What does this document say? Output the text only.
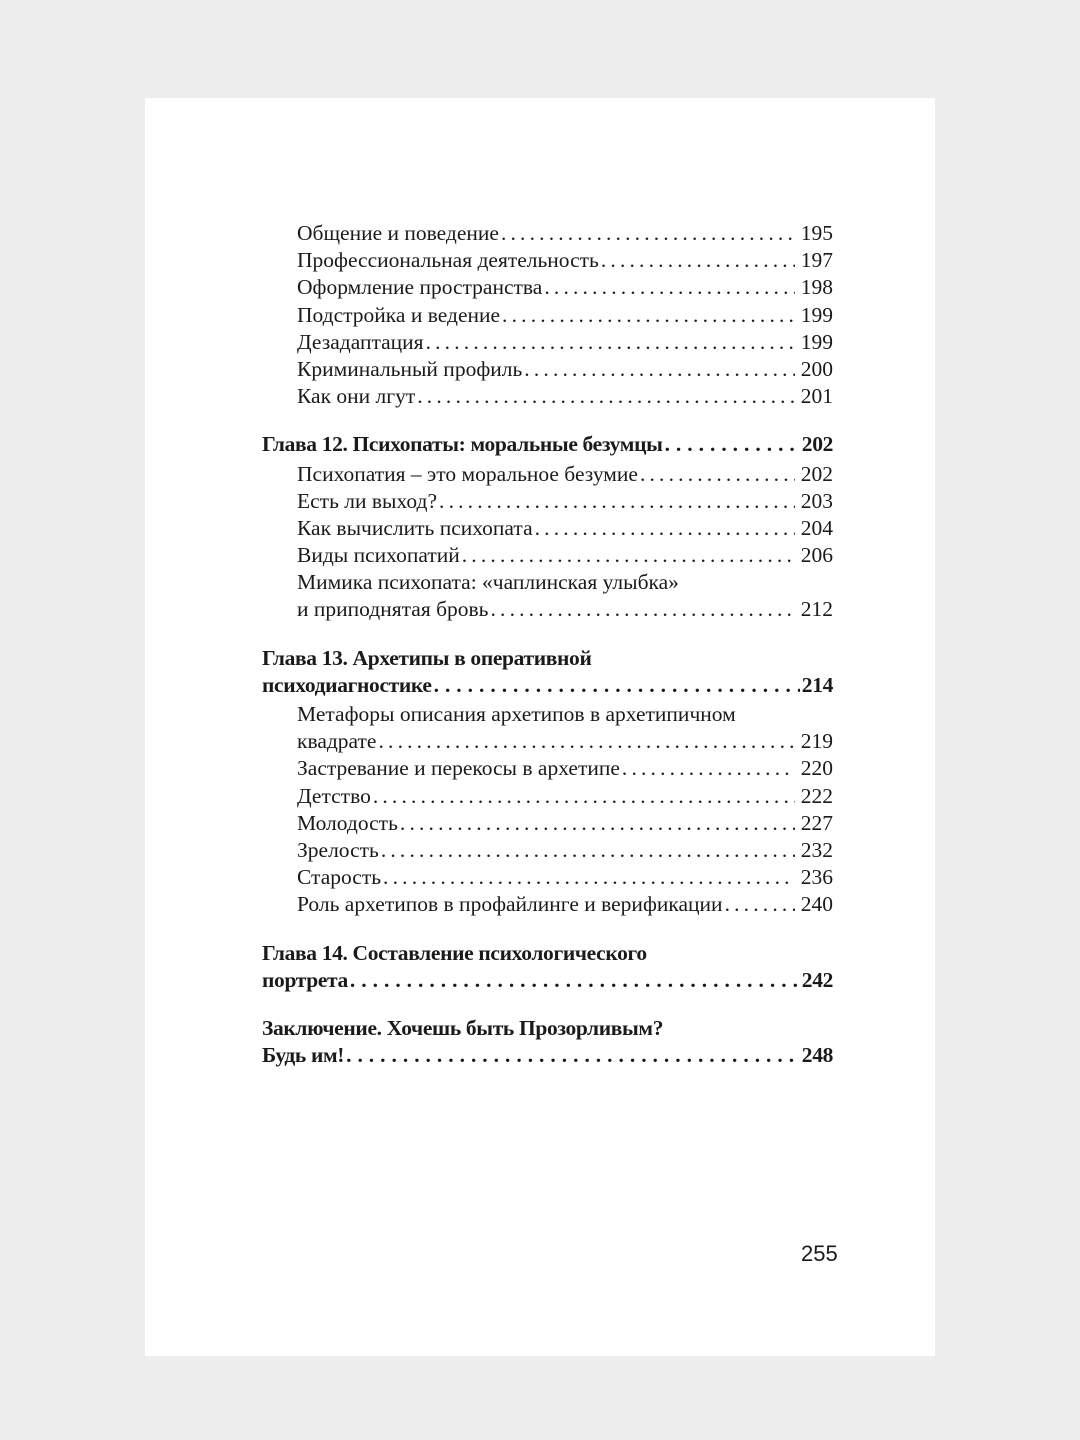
Общение и поведение . . .	195
Профессиональная деятельность . . .	197
Оформление пространства . . .	198
Подстройка и ведение . . .	199
Дезадаптация . . .	199
Криминальный профиль . . .	200
Как они лгут . . .	201
Глава 12. Психопаты: моральные безумцы . . .	202
Психопатия – это моральное безумие . . .	202
Есть ли выход? . . .	203
Как вычислить психопата . . .	204
Виды психопатий . . .	206
Мимика психопата: «чаплинская улыбка»
и приподнятая бровь . . .	212
Глава 13. Архетипы в оперативной
психодиагностике . . .	214
Метафоры описания архетипов в архетипичном
квадрате . . .	219
Застревание и перекосы в архетипе . . .	220
Детство . . .	222
Молодость . . .	227
Зрелость . . .	232
Старость . . .	236
Роль архетипов в профайлинге и верификации . . .	240
Глава 14. Составление психологического
портрета . . .	242
Заключение. Хочешь быть Прозорливым?
Будь им! . . .	248
255
